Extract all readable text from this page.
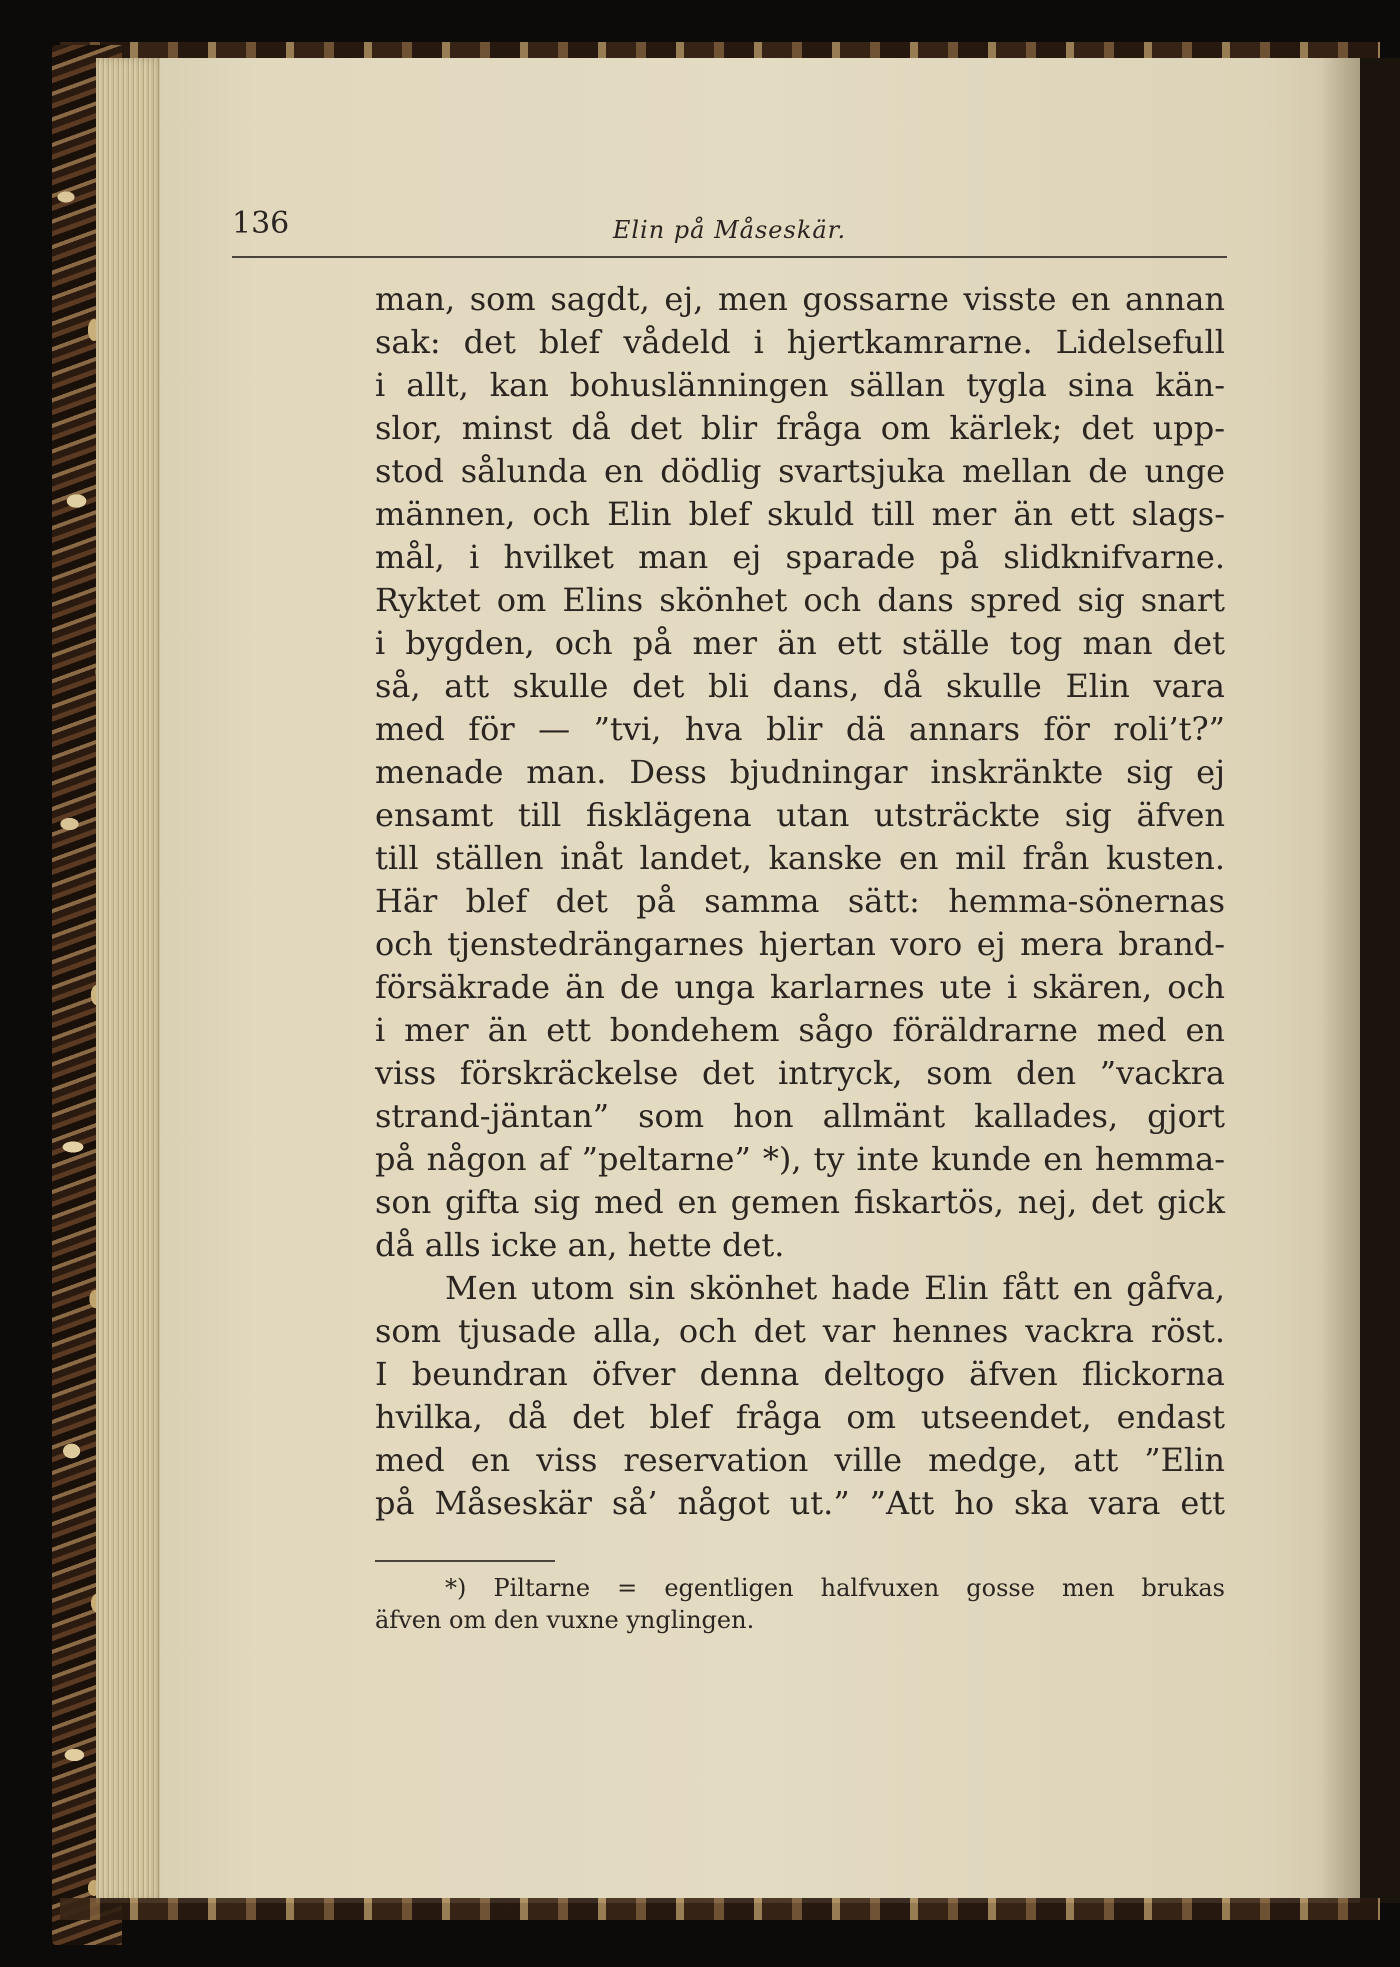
136	Elin på Måseskär.
man, som sagdt, ej, men gossarne visste en annan
sak: det blef vådeld i hjertkamrarne. Lidelsefull
i allt, kan bohuslänningen sällan tygla sina kän-
slor, minst då det blir fråga om kärlek; det upp-
stod sålunda en dödlig svartsjuka mellan de unge
männen, och Elin blef skuld till mer än ett slags-
mål, i hvilket man ej sparade på slidknifvarne.
Ryktet om Elins skönhet och dans spred sig snart
i bygden, och på mer än ett ställe tog man det
så, att skulle det bli dans, då skulle Elin vara
med för — ”tvi, hva blir dä annars för roli’t?”
menade man. Dess bjudningar inskränkte sig ej
ensamt till fisklägena utan utsträckte sig äfven
till ställen inåt landet, kanske en mil från kusten.
Här blef det på samma sätt: hemma-sönernas
och tjenstedrängarnes hjertan voro ej mera brand-
försäkrade än de unga karlarnes ute i skären, och
i mer än ett bondehem sågo föräldrarne med en
viss förskräckelse det intryck, som den ”vackra
strand-jäntan” som hon allmänt kallades, gjort
på någon af ”peltarne” *), ty inte kunde en hemma-
son gifta sig med en gemen fiskartös, nej, det gick
då alls icke an, hette det.
Men utom sin skönhet hade Elin fått en gåfva,
som tjusade alla, och det var hennes vackra röst.
I beundran öfver denna deltogo äfven flickorna
hvilka, då det blef fråga om utseendet, endast
med en viss reservation ville medge, att ”Elin
på Måseskär så’ något ut.” ”Att ho ska vara ett
*) Piltarne = egentligen halfvuxen gosse men brukas
äfven om den vuxne ynglingen.
